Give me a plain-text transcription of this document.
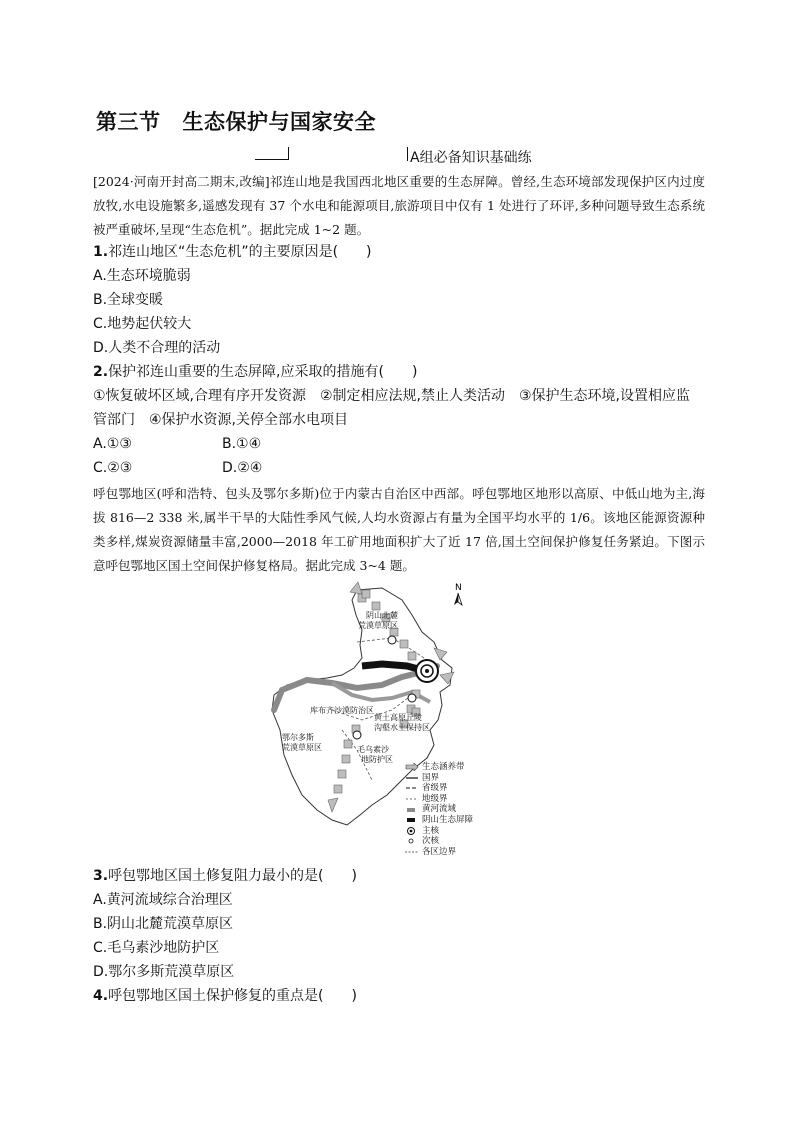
第三节 生态保护与国家安全
A组必备知识基础练
[2024·河南开封高二期末,改编]祁连山地是我国西北地区重要的生态屏障。曾经,生态环境部发现保护区内过度放牧,水电设施繁多,遥感发现有 37 个水电和能源项目,旅游项目中仅有 1 处进行了环评,多种问题导致生态系统被严重破坏,呈现“生态危机”。据此完成 1~2 题。
1.祁连山地区“生态危机”的主要原因是(　　)
A.生态环境脆弱
B.全球变暖
C.地势起伏较大
D.人类不合理的活动
2.保护祁连山重要的生态屏障,应采取的措施有(　　)
①恢复破坏区域,合理有序开发资源　②制定相应法规,禁止人类活动　③保护生态环境,设置相应监
管部门　④保护水资源,关停全部水电项目
A.①③	B.①④
C.②③	D.②④
呼包鄂地区(呼和浩特、包头及鄂尔多斯)位于内蒙古自治区中西部。呼包鄂地区地形以高原、中低山地为主,海拔 816—2 338 米,属半干旱的大陆性季风气候,人均水资源占有量为全国平均水平的 1/6。该地区能源资源种类多样,煤炭资源储量丰富,2000—2018 年工矿用地面积扩大了近 17 倍,国土空间保护修复任务紧迫。下图示意呼包鄂地区国土空间保护修复格局。据此完成 3~4 题。
N
阴山北麓
荒漠草原区
库布齐沙漠防治区
黄土高原丘陵
沟壑水土保持区
鄂尔多斯
荒漠草原区	毛乌素沙
地防护区
生态涵养带
国界
省级界
地级界
黄河流域
阴山生态屏障
主核
次核
各区边界
3.呼包鄂地区国土修复阻力最小的是(　　)
A.黄河流域综合治理区
B.阴山北麓荒漠草原区
C.毛乌素沙地防护区
D.鄂尔多斯荒漠草原区
4.呼包鄂地区国土保护修复的重点是(　　)
